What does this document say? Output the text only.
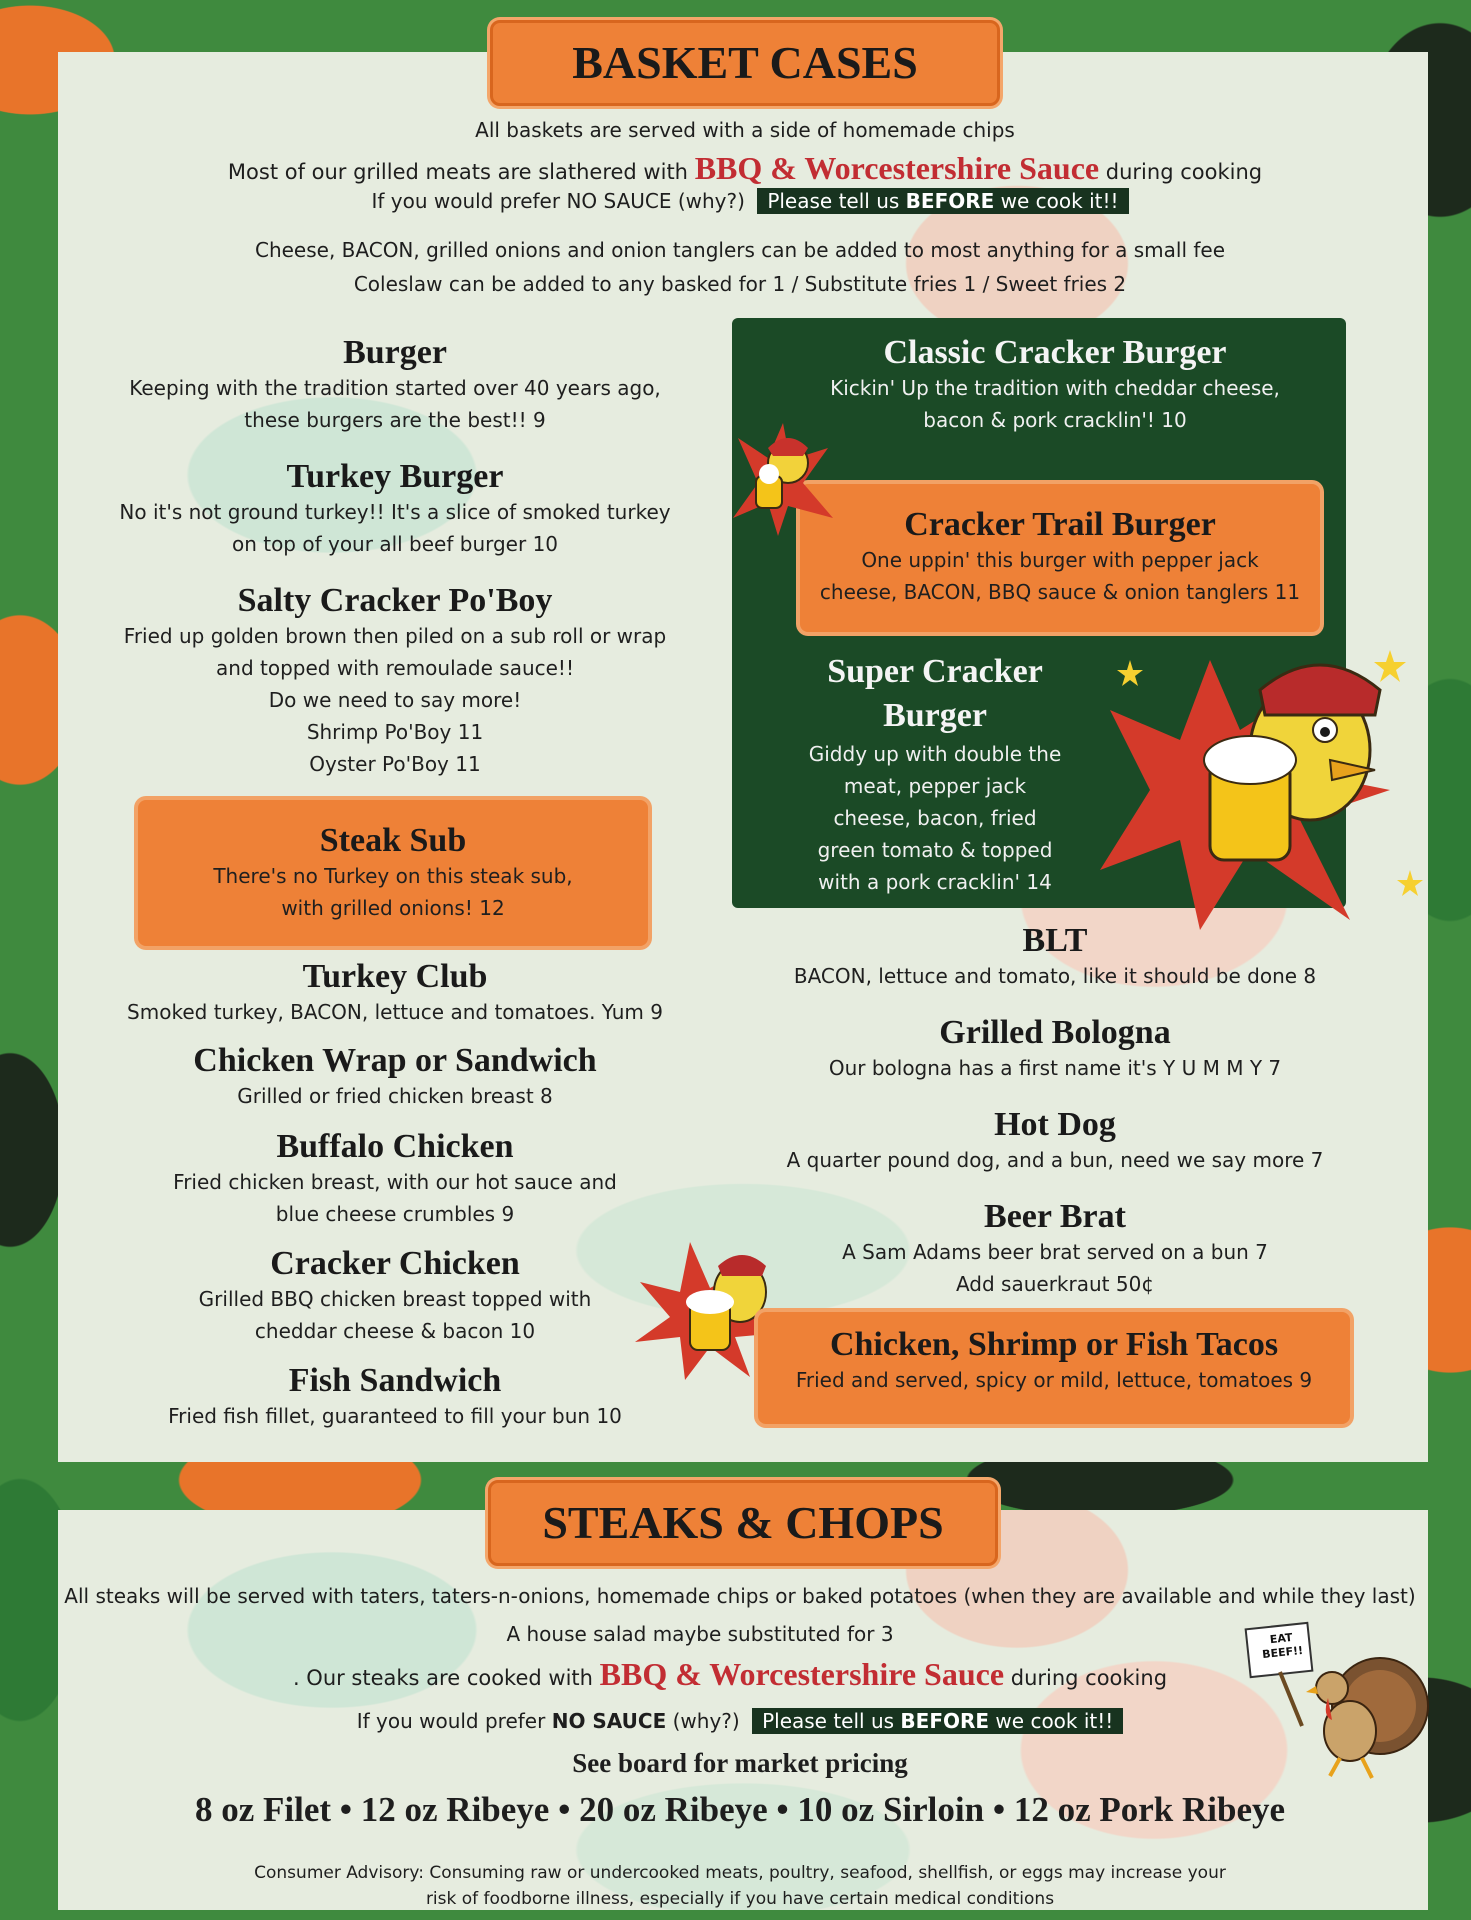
BASKET CASES
All baskets are served with a side of homemade chips
Most of our grilled meats are slathered with BBQ & Worcestershire Sauce during cooking
If you would prefer NO SAUCE (why?) Please tell us BEFORE we cook it!!
Cheese, BACON, grilled onions and onion tanglers can be added to most anything for a small fee
Coleslaw can be added to any basked for 1 / Substitute fries 1 / Sweet fries 2
Burger
Keeping with the tradition started over 40 years ago,
these burgers are the best!! 9
Turkey Burger
No it's not ground turkey!! It's a slice of smoked turkey
on top of your all beef burger 10
Salty Cracker Po'Boy
Fried up golden brown then piled on a sub roll or wrap
and topped with remoulade sauce!!
Do we need to say more!
Shrimp Po'Boy 11
Oyster Po'Boy 11
Steak Sub
There's no Turkey on this steak sub,
with grilled onions! 12
Turkey Club
Smoked turkey, BACON, lettuce and tomatoes. Yum 9
Chicken Wrap or Sandwich
Grilled or fried chicken breast 8
Buffalo Chicken
Fried chicken breast, with our hot sauce and
blue cheese crumbles 9
Cracker Chicken
Grilled BBQ chicken breast topped with
cheddar cheese & bacon 10
Fish Sandwich
Fried fish fillet, guaranteed to fill your bun 10
Classic Cracker Burger
Kickin' Up the tradition with cheddar cheese,
bacon & pork cracklin'! 10
Cracker Trail Burger
One uppin' this burger with pepper jack
cheese, BACON, BBQ sauce & onion tanglers 11
Super Cracker
Burger
Giddy up with double the
meat, pepper jack
cheese, bacon, fried
green tomato & topped
with a pork cracklin' 14
BLT
BACON, lettuce and tomato, like it should be done 8
Grilled Bologna
Our bologna has a first name it's Y U M M Y 7
Hot Dog
A quarter pound dog, and a bun, need we say more 7
Beer Brat
A Sam Adams beer brat served on a bun 7
Add sauerkraut 50¢
Chicken, Shrimp or Fish Tacos
Fried and served, spicy or mild, lettuce, tomatoes 9
STEAKS & CHOPS
All steaks will be served with taters, taters-n-onions, homemade chips or baked potatoes (when they are available and while they last)
A house salad maybe substituted for 3
. Our steaks are cooked with BBQ & Worcestershire Sauce during cooking
If you would prefer NO SAUCE (why?) Please tell us BEFORE we cook it!!
See board for market pricing
8 oz Filet • 12 oz Ribeye • 20 oz Ribeye • 10 oz Sirloin • 12 oz Pork Ribeye
Consumer Advisory: Consuming raw or undercooked meats, poultry, seafood, shellfish, or eggs may increase your
risk of foodborne illness, especially if you have certain medical conditions
EAT BEEF!!
